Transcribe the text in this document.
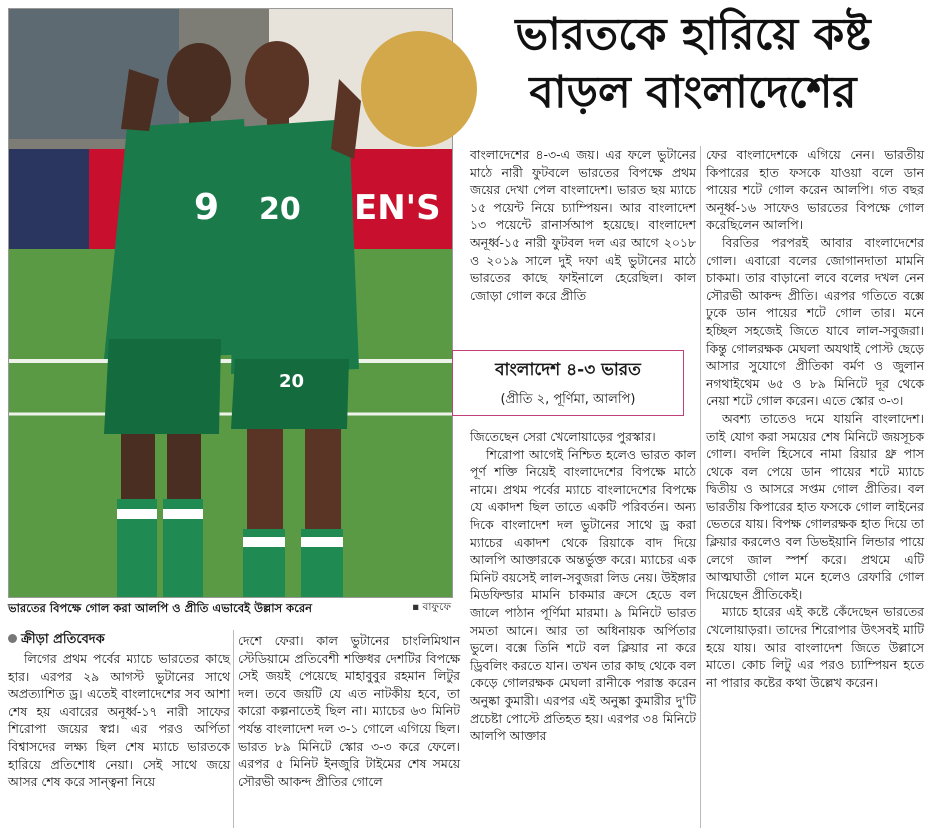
EN'S C
9 20
20
ভারতের বিপক্ষে গোল করা আলপি ও প্রীতি এভাবেই উল্লাস করেন	▪ বাফুফে
ক্রীড়া প্রতিবেদক
ভারতকে হারিয়ে কষ্ট
বাড়ল বাংলাদেশের

লিগের প্রথম পর্বের ম্যাচে ভারতের কাছে হার। এরপর ২৯ আগস্ট ভুটানের সাথে অপ্রত্যাশিত ড্র। এতেই বাংলাদেশের সব আশা শেষ হয় এবারের অনূর্ধ্ব-১৭ নারী সাফের শিরোপা জয়ের স্বপ্ন। এর পরও অর্পিতা বিশ্বাসদের লক্ষ্য ছিল শেষ ম্যাচে ভারতকে হারিয়ে প্রতিশোধ নেয়া। সেই সাথে জয়ে আসর শেষ করে সান্ত্বনা নিয়ে

দেশে ফেরা। কাল ভুটানের চাংলিমিথান স্টেডিয়ামে প্রতিবেশী শক্তিধর দেশটির বিপক্ষে সেই জয়ই পেয়েছে মাহাবুবুর রহমান লিটুর দল। তবে জয়টি যে এত নাটকীয় হবে, তা কারো কল্পনাতেই ছিল না। ম্যাচের ৬৩ মিনিট পর্যন্ত বাংলাদেশ দল ৩-১ গোলে এগিয়ে ছিল। ভারত ৮৯ মিনিটে স্কোর ৩-৩ করে ফেলে। এরপর ৫ মিনিট ইনজুরি টাইমের শেষ সময়ে সৌরভী আকন্দ প্রীতির গোলে

বাংলাদেশের ৪-৩-এ জয়। এর ফলে ভুটানের মাঠে নারী ফুটবলে ভারতের বিপক্ষে প্রথম জয়ের দেখা পেল বাংলাদেশ। ভারত ছয় ম্যাচে ১৫ পয়েন্ট নিয়ে চ্যাম্পিয়ন। আর বাংলাদেশ ১৩ পয়েন্টে রানার্সআপ হয়েছে। বাংলাদেশ অনূর্ধ্ব-১৫ নারী ফুটবল দল এর আগে ২০১৮ ও ২০১৯ সালে দুই দফা এই ভুটানের মাঠে ভারতের কাছে ফাইনালে হেরেছিল। কাল জোড়া গোল করে প্রীতি

জিতেছেন সেরা খেলোয়াড়ের পুরস্কার।

শিরোপা আগেই নিশ্চিত হলেও ভারত কাল পূর্ণ শক্তি নিয়েই বাংলাদেশের বিপক্ষে মাঠে নামে। প্রথম পর্বের ম্যাচে বাংলাদেশের বিপক্ষে যে একাদশ ছিল তাতে একটি পরিবর্তন। অন্য দিকে বাংলাদেশ দল ভুটানের সাথে ড্র করা ম্যাচের একাদশ থেকে রিয়াকে বাদ দিয়ে আলপি আক্তারকে অন্তর্ভুক্ত করে। ম্যাচের এক মিনিট বয়সেই লাল-সবুজরা লিড নেয়। উইঙ্গার মিডফিল্ডার মামনি চাকমার ক্রসে হেডে বল জালে পাঠান পূর্ণিমা মারমা। ৯ মিনিটে ভারত সমতা আনে। আর তা অধিনায়ক অর্পিতার ভুলে। বক্সে তিনি শটে বল ক্লিয়ার না করে ড্রিবলিং করতে যান। তখন তার কাছ থেকে বল কেড়ে গোলরক্ষক মেঘলা রানীকে পরাস্ত করেন অনুষ্কা কুমারী। এরপর এই অনুষ্কা কুমারীর দু'টি প্রচেষ্টা পোস্টে প্রতিহত হয়। এরপর ৩৪ মিনিটে আলপি আক্তার

ফের বাংলাদেশকে এগিয়ে নেন। ভারতীয় কিপারের হাত ফসকে যাওয়া বলে ডান পায়ের শটে গোল করেন আলপি। গত বছর অনূর্ধ্ব-১৬ সাফেও ভারতের বিপক্ষে গোল করেছিলেন আলপি।

বিরতির পরপরই আবার বাংলাদেশের গোল। এবারো বলের জোগানদাতা মামনি চাকমা। তার বাড়ানো লবে বলের দখল নেন সৌরভী আকন্দ প্রীতি। এরপর গতিতে বক্সে ঢুকে ডান পায়ের শটে গোল তার। মনে হচ্ছিল সহজেই জিতে যাবে লাল-সবুজরা। কিন্তু গোলরক্ষক মেঘলা অযথাই পোস্ট ছেড়ে আসার সুযোগে প্রীতিকা বর্মণ ও জুলান নগথাইথেম ৬৫ ও ৮৯ মিনিটে দূর থেকে নেয়া শটে গোল করেন। এতে স্কোর ৩-৩।

অবশ্য তাতেও দমে যায়নি বাংলাদেশ। তাই যোগ করা সময়ের শেষ মিনিটে জয়সূচক গোল। বদলি হিসেবে নামা রিয়ার থ্রু পাস থেকে বল পেয়ে ডান পায়ের শটে ম্যাচে দ্বিতীয় ও আসরে সপ্তম গোল প্রীতির। বল ভারতীয় কিপারের হাত ফসকে গোল লাইনের ভেতরে যায়। বিপক্ষ গোলরক্ষক হাত দিয়ে তা ক্লিয়ার করলেও বল ডিভইয়ানি লিন্ডার পায়ে লেগে জাল স্পর্শ করে। প্রথমে এটি আত্মঘাতী গোল মনে হলেও রেফারি গোল দিয়েছেন প্রীতিকেই।

ম্যাচে হারের এই কষ্টে কেঁদেছেন ভারতের খেলোয়াড়রা। তাদের শিরোপার উৎসবই মাটি হয়ে যায়। আর বাংলাদেশ জিতে উল্লাসে মাতে। কোচ লিটু এর পরও চ্যাম্পিয়ন হতে না পারার কষ্টের কথা উল্লেখ করেন।

বাংলাদেশ ৪-৩ ভারত
(প্রীতি ২, পূর্ণিমা, আলপি)
